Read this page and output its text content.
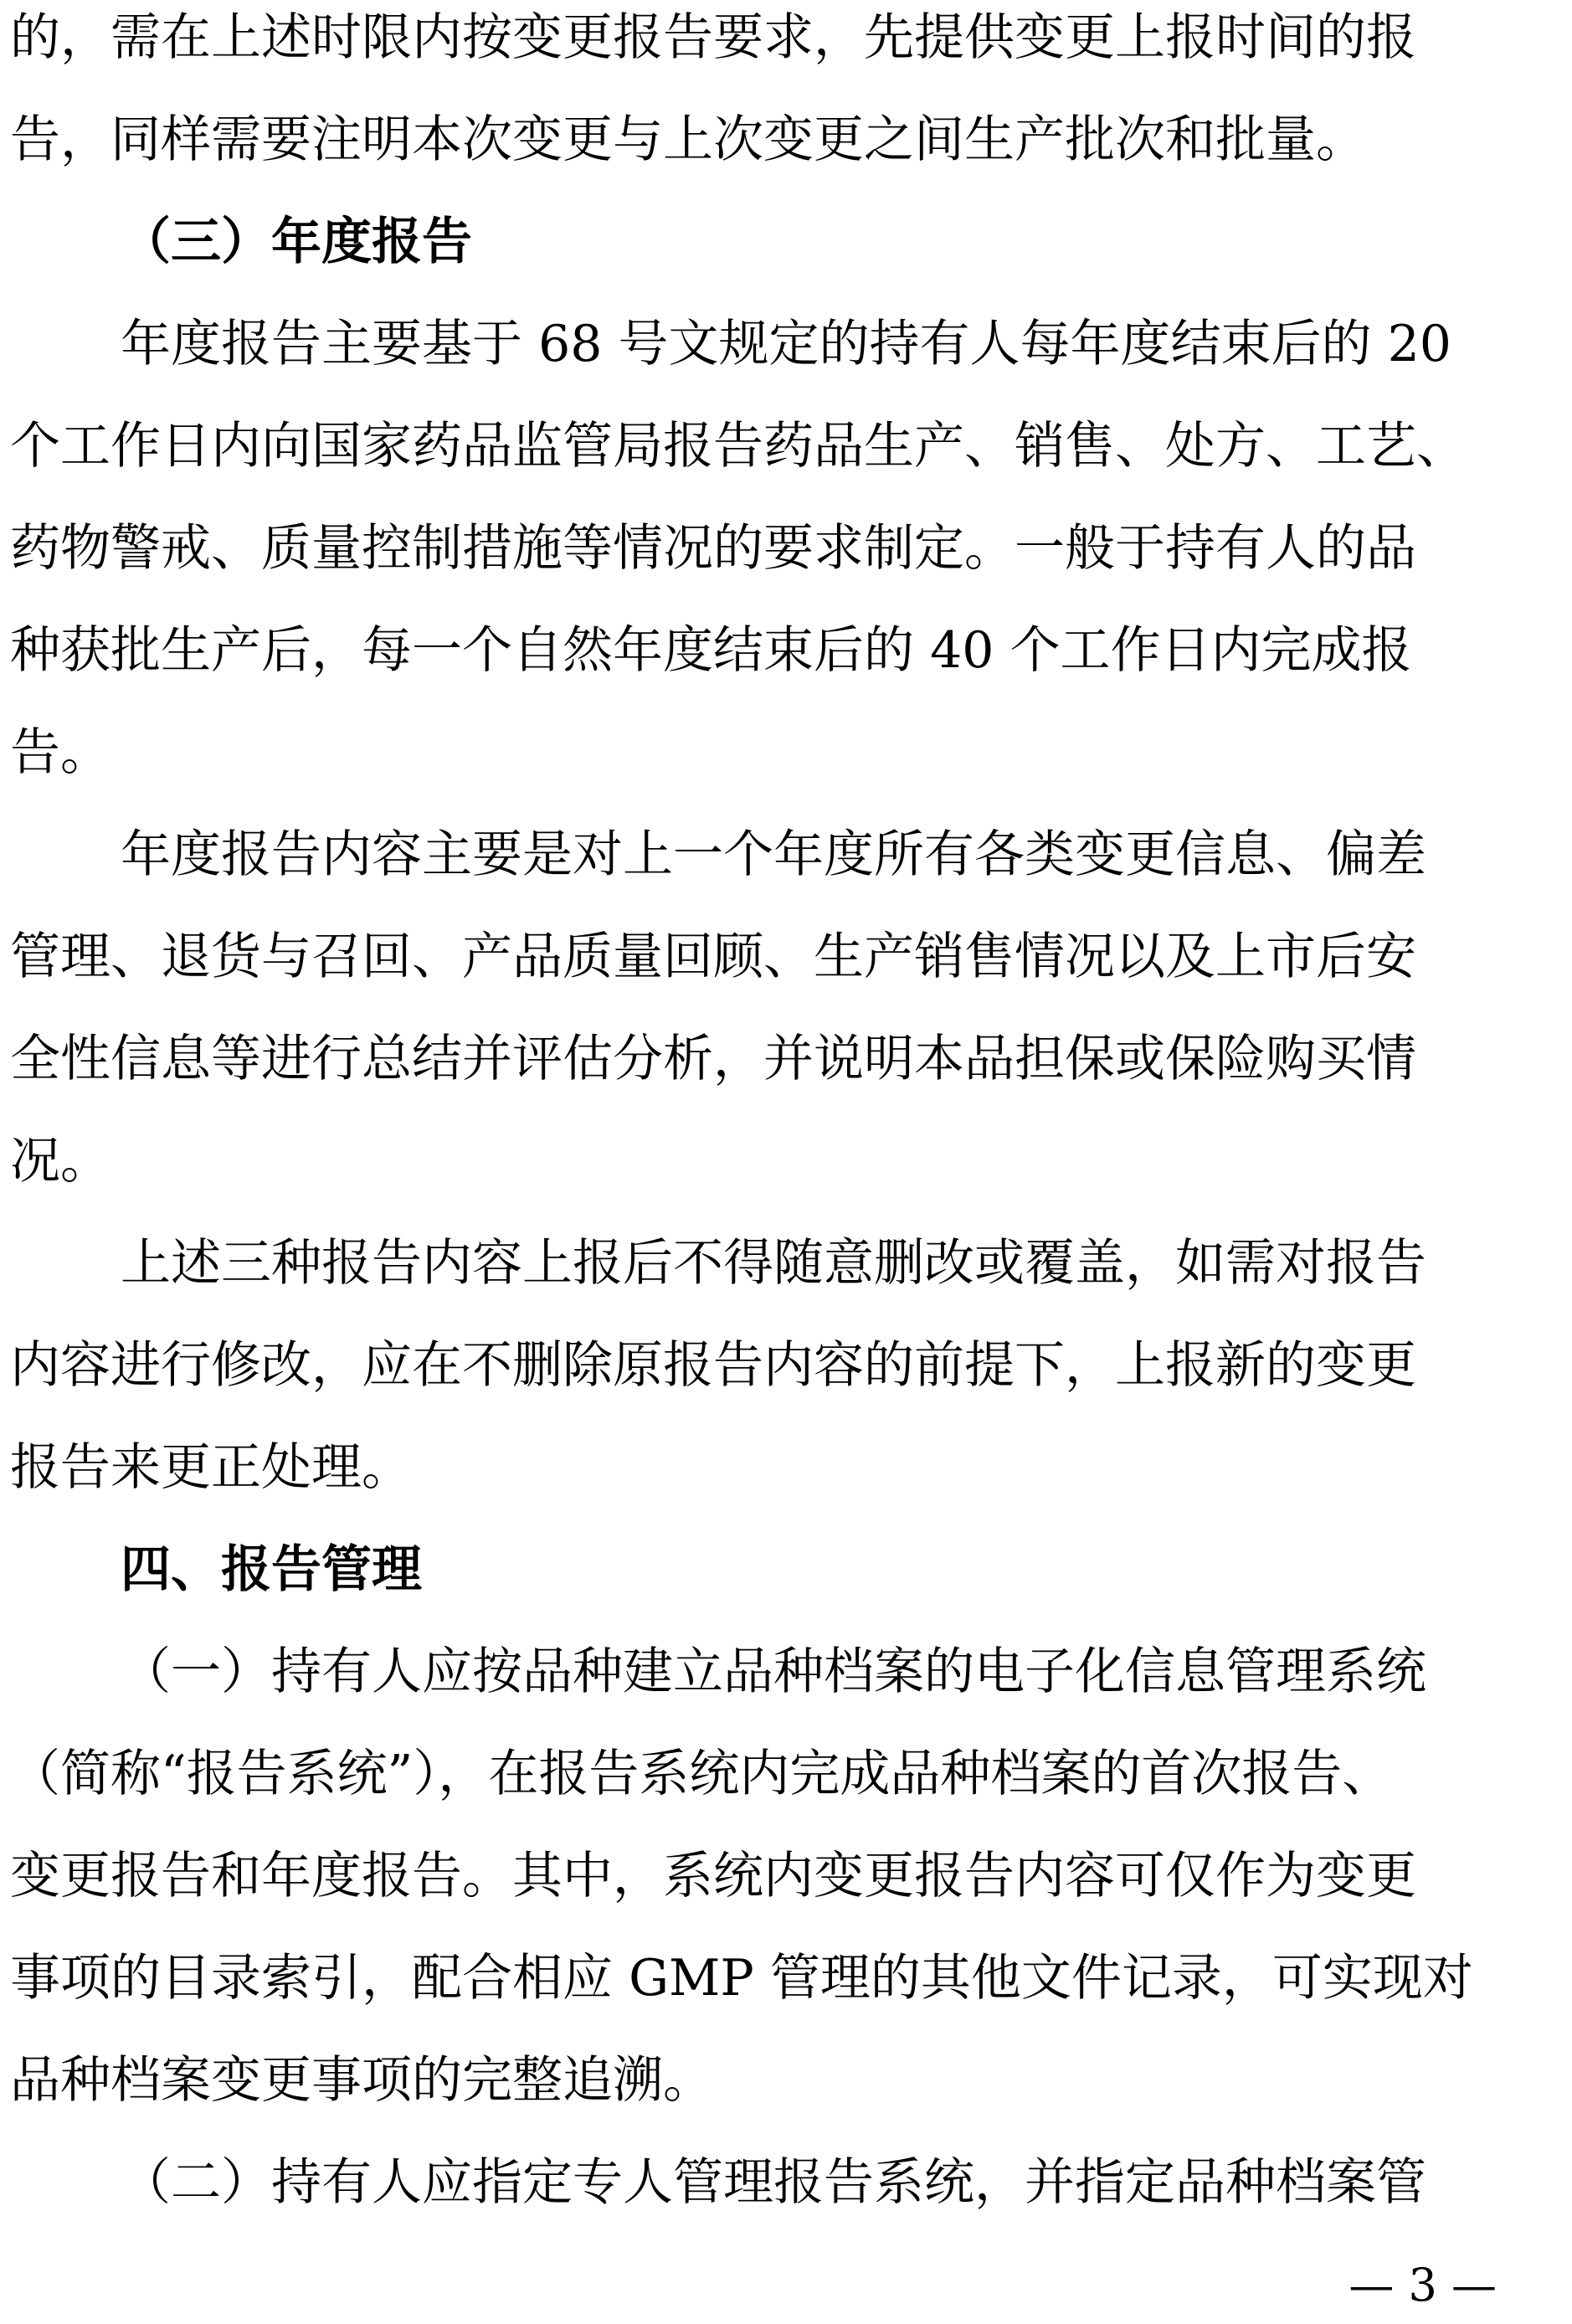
的，需在上述时限内按变更报告要求，先提供变更上报时间的报
告，同样需要注明本次变更与上次变更之间生产批次和批量。

（三）年度报告

年度报告主要基于 68 号文规定的持有人每年度结束后的 20
个工作日内向国家药品监管局报告药品生产、销售、处方、工艺、
药物警戒、质量控制措施等情况的要求制定。一般于持有人的品
种获批生产后，每一个自然年度结束后的 40 个工作日内完成报
告。

年度报告内容主要是对上一个年度所有各类变更信息、偏差
管理、退货与召回、产品质量回顾、生产销售情况以及上市后安
全性信息等进行总结并评估分析，并说明本品担保或保险购买情
况。

上述三种报告内容上报后不得随意删改或覆盖，如需对报告
内容进行修改，应在不删除原报告内容的前提下，上报新的变更
报告来更正处理。

四、报告管理

（一）持有人应按品种建立品种档案的电子化信息管理系统
（简称“报告系统”），在报告系统内完成品种档案的首次报告、
变更报告和年度报告。其中，系统内变更报告内容可仅作为变更
事项的目录索引，配合相应 GMP 管理的其他文件记录，可实现对
品种档案变更事项的完整追溯。

（二）持有人应指定专人管理报告系统，并指定品种档案管

— 3 —
